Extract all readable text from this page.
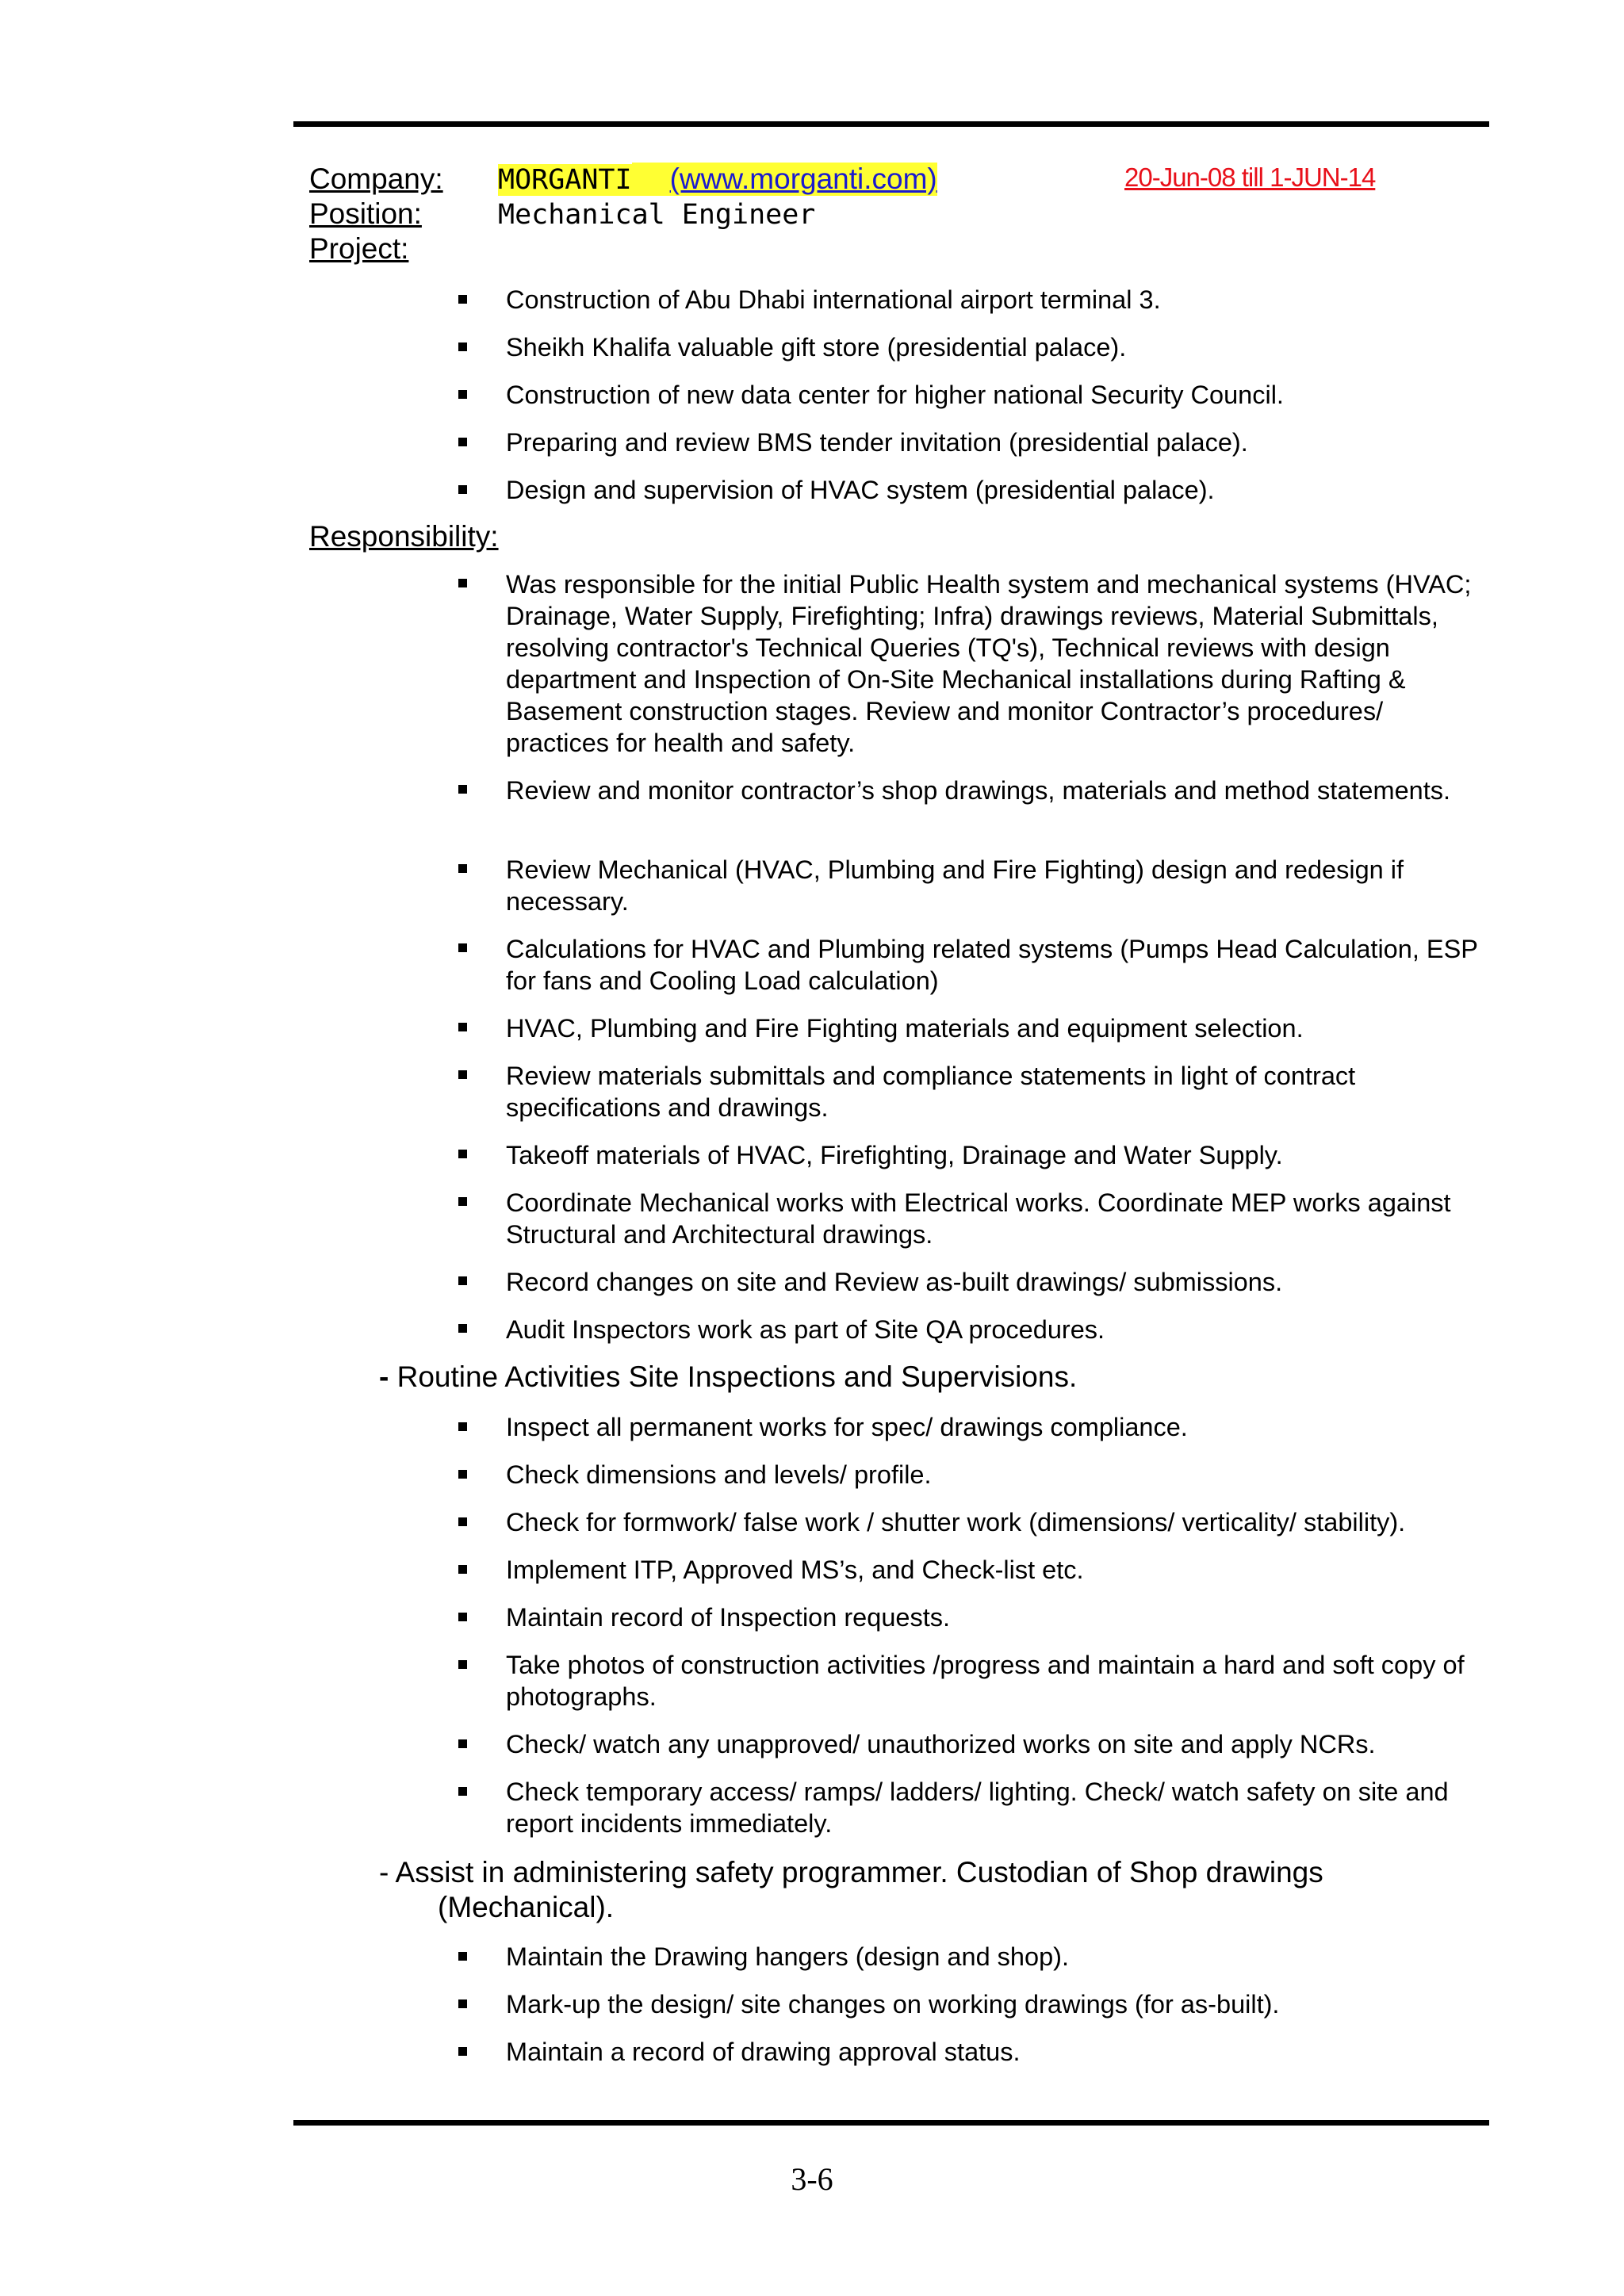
Company:	MORGANTI	(www.morganti.com)	20-Jun-08 till 1-JUN-14
Position:	Mechanical Engineer
Project:
Construction of Abu Dhabi international airport terminal 3.
Sheikh Khalifa valuable gift store (presidential palace).
Construction of new data center for higher national Security Council.
Preparing and review BMS tender invitation (presidential palace).
Design and supervision of HVAC system (presidential palace).
Responsibility:
Was responsible for the initial Public Health system and mechanical systems (HVAC; Drainage, Water Supply, Firefighting; Infra) drawings reviews, Material Submittals, resolving contractor's Technical Queries (TQ's), Technical reviews with design department and Inspection of On-Site Mechanical installations during Rafting & Basement construction stages. Review and monitor Contractor’s procedures/ practices for health and safety.
Review and monitor contractor’s shop drawings, materials and method statements.
Review Mechanical (HVAC, Plumbing and Fire Fighting) design and redesign if necessary.
Calculations for HVAC and Plumbing related systems (Pumps Head Calculation, ESP for fans and Cooling Load calculation)
HVAC, Plumbing and Fire Fighting materials and equipment selection.
Review materials submittals and compliance statements in light of contract specifications and drawings.
Takeoff materials of HVAC, Firefighting, Drainage and Water Supply.
Coordinate Mechanical works with Electrical works. Coordinate MEP works against Structural and Architectural drawings.
Record changes on site and Review as-built drawings/ submissions.
Audit Inspectors work as part of Site QA procedures.
- Routine Activities Site Inspections and Supervisions.
Inspect all permanent works for spec/ drawings compliance.
Check dimensions and levels/ profile.
Check for formwork/ false work / shutter work (dimensions/ verticality/ stability).
Implement ITP, Approved MS’s, and Check-list etc.
Maintain record of Inspection requests.
Take photos of construction activities /progress and maintain a hard and soft copy of photographs.
Check/ watch any unapproved/ unauthorized works on site and apply NCRs.
Check temporary access/ ramps/ ladders/ lighting. Check/ watch safety on site and report incidents immediately.
- Assist in administering safety programmer. Custodian of Shop drawings
(Mechanical).
Maintain the Drawing hangers (design and shop).
Mark-up the design/ site changes on working drawings (for as-built).
Maintain a record of drawing approval status.
3-6
